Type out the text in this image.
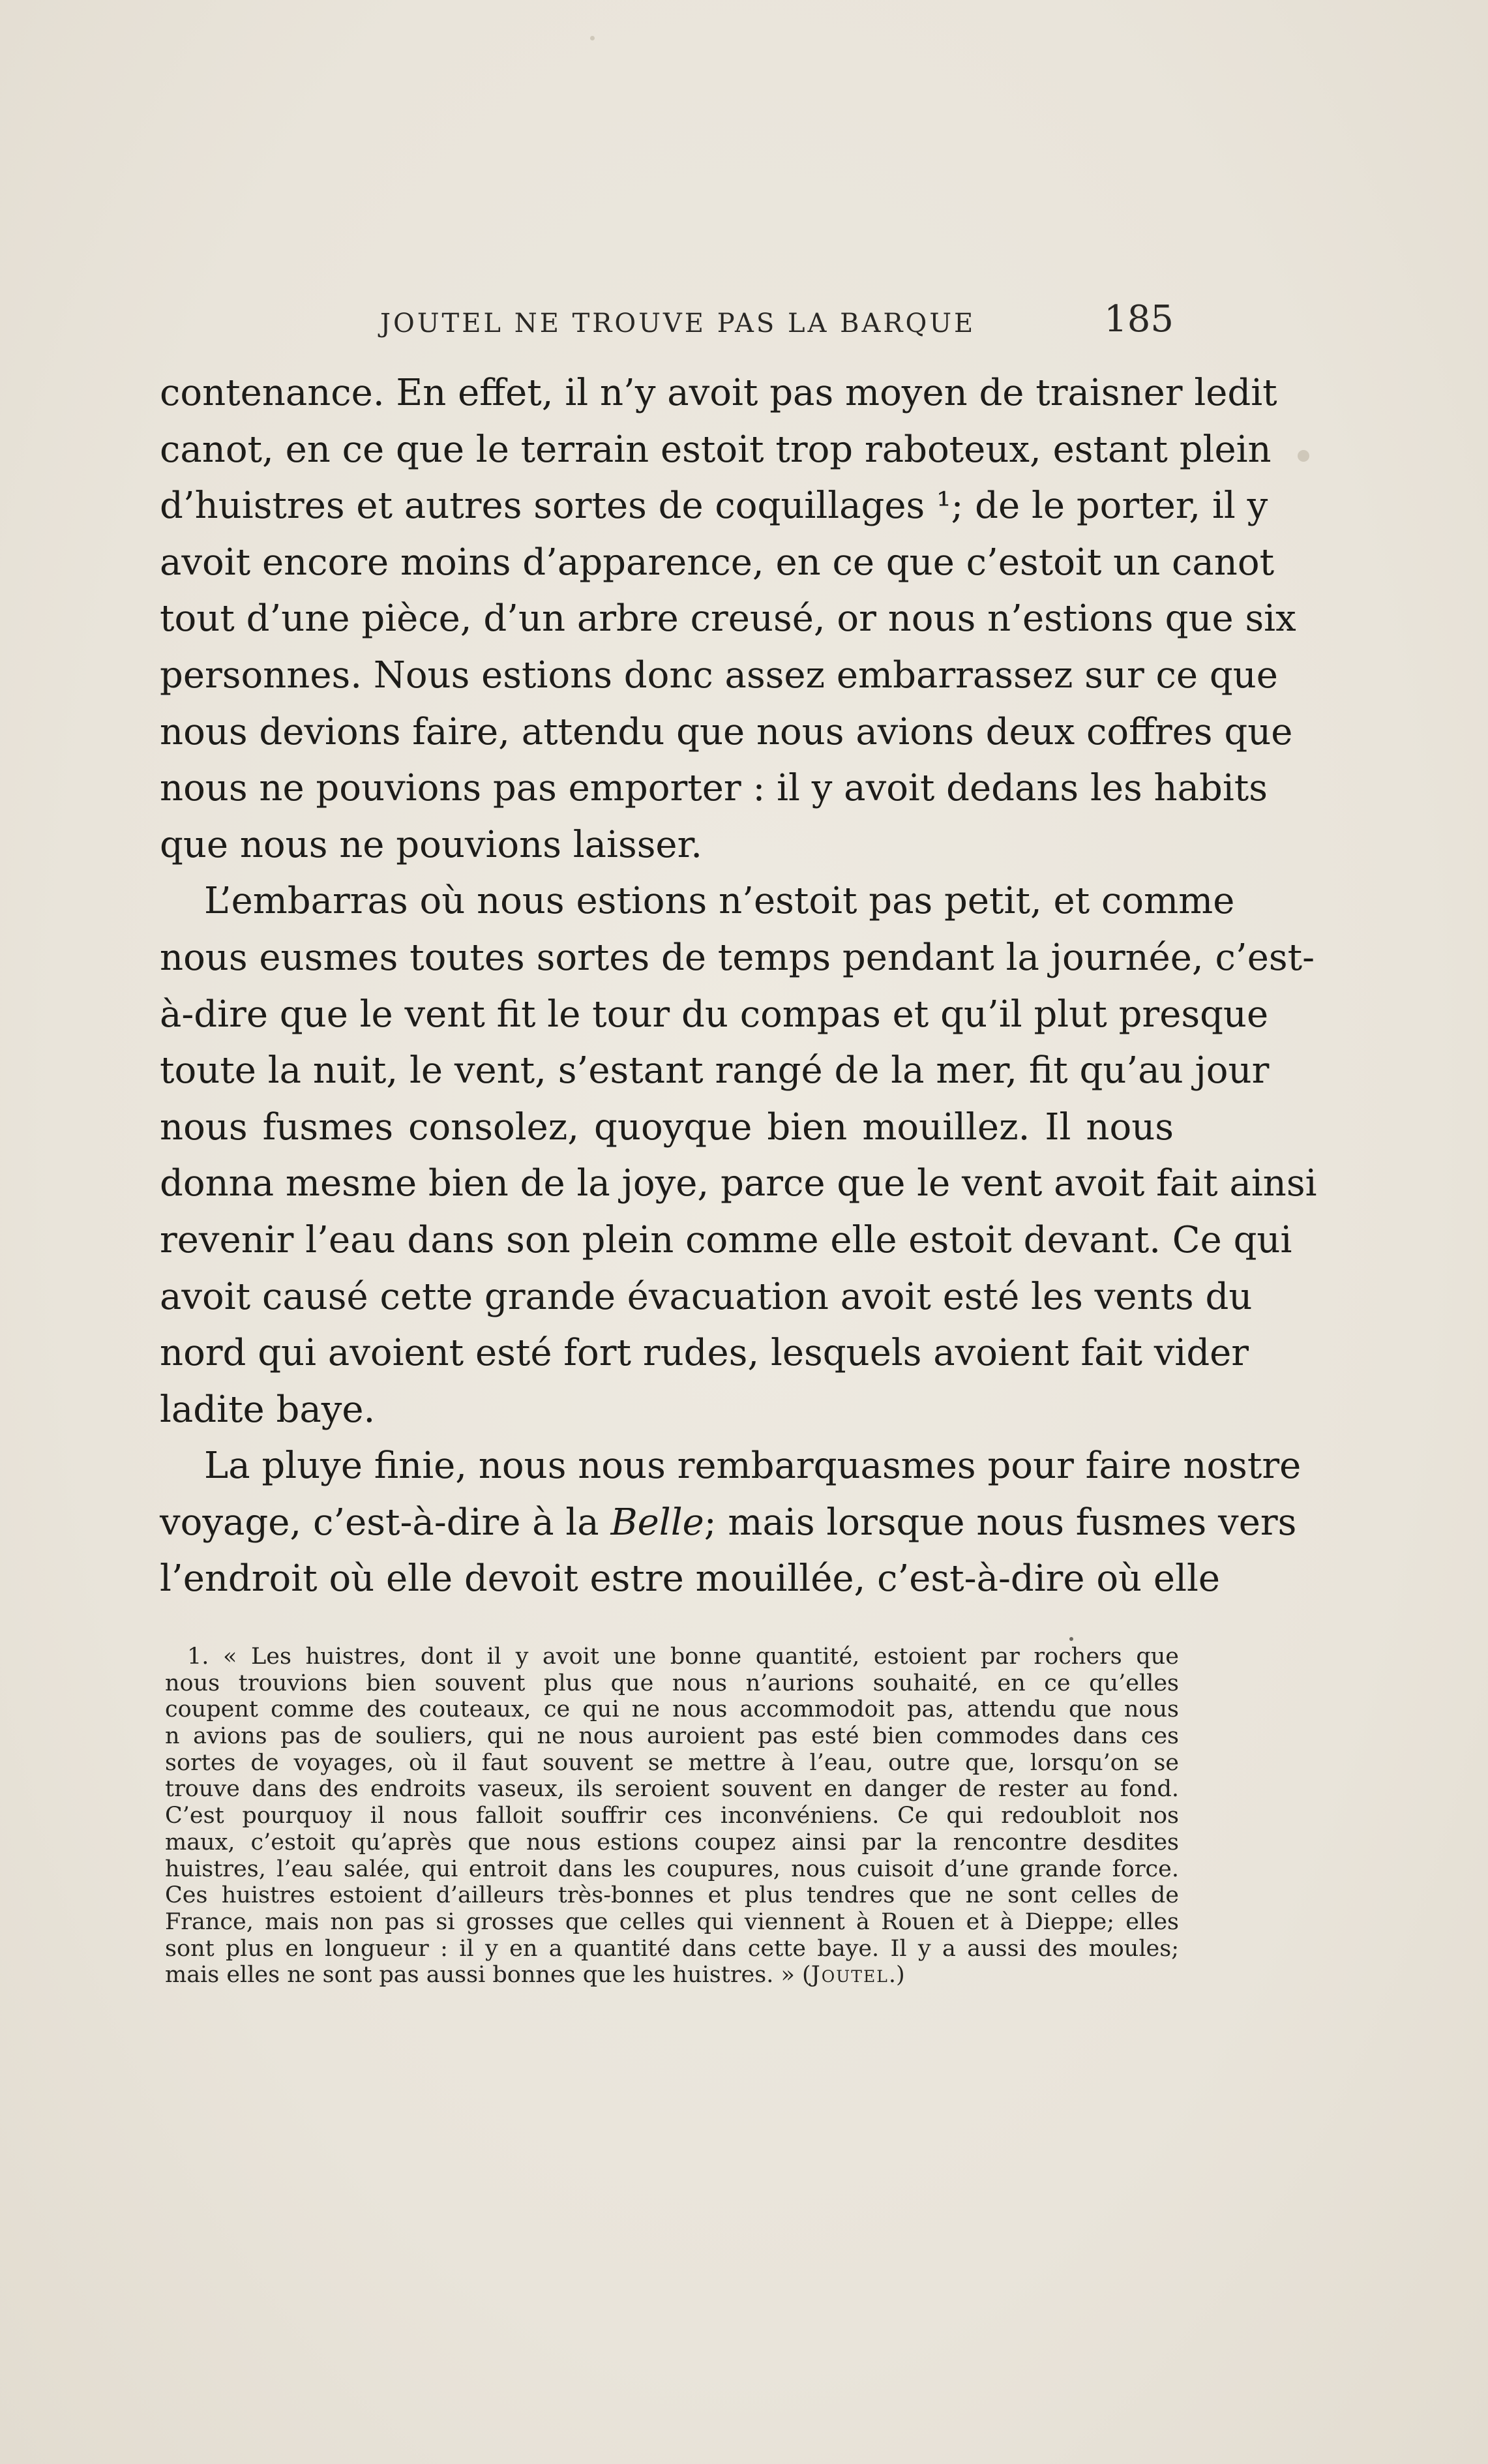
JOUTEL NE TROUVE PAS LA BARQUE	185
contenance. En effet, il n’y avoit pas moyen de traisner ledit
canot, en ce que le terrain estoit trop raboteux, estant plein
d’huistres et autres sortes de coquillages ¹; de le porter, il y
avoit encore moins d’apparence, en ce que c’estoit un canot
tout d’une pièce, d’un arbre creusé, or nous n’estions que six
personnes. Nous estions donc assez embarrassez sur ce que
nous devions faire, attendu que nous avions deux coffres que
nous ne pouvions pas emporter : il y avoit dedans les habits
que nous ne pouvions laisser.
L’embarras où nous estions n’estoit pas petit, et comme
nous eusmes toutes sortes de temps pendant la journée, c’est-
à-dire que le vent fit le tour du compas et qu’il plut presque
toute la nuit, le vent, s’estant rangé de la mer, fit qu’au jour
nous fusmes consolez, quoyque bien mouillez. Il nous
donna mesme bien de la joye, parce que le vent avoit fait ainsi
revenir l’eau dans son plein comme elle estoit devant. Ce qui
avoit causé cette grande évacuation avoit esté les vents du
nord qui avoient esté fort rudes, lesquels avoient fait vider
ladite baye.
La pluye finie, nous nous rembarquasmes pour faire nostre
voyage, c’est-à-dire à la Belle; mais lorsque nous fusmes vers
l’endroit où elle devoit estre mouillée, c’est-à-dire où elle
1. « Les huistres, dont il y avoit une bonne quantité, estoient par rochers que
nous trouvions bien souvent plus que nous n’aurions souhaité, en ce qu’elles
coupent comme des couteaux, ce qui ne nous accommodoit pas, attendu que nous
n avions pas de souliers, qui ne nous auroient pas esté bien commodes dans ces
sortes de voyages, où il faut souvent se mettre à l’eau, outre que, lorsqu’on se
trouve dans des endroits vaseux, ils seroient souvent en danger de rester au fond.
C’est pourquoy il nous falloit souffrir ces inconvéniens. Ce qui redoubloit nos
maux, c’estoit qu’après que nous estions coupez ainsi par la rencontre desdites
huistres, l’eau salée, qui entroit dans les coupures, nous cuisoit d’une grande force.
Ces huistres estoient d’ailleurs très-bonnes et plus tendres que ne sont celles de
France, mais non pas si grosses que celles qui viennent à Rouen et à Dieppe; elles
sont plus en longueur : il y en a quantité dans cette baye. Il y a aussi des moules;
mais elles ne sont pas aussi bonnes que les huistres. » (Joutel.)
